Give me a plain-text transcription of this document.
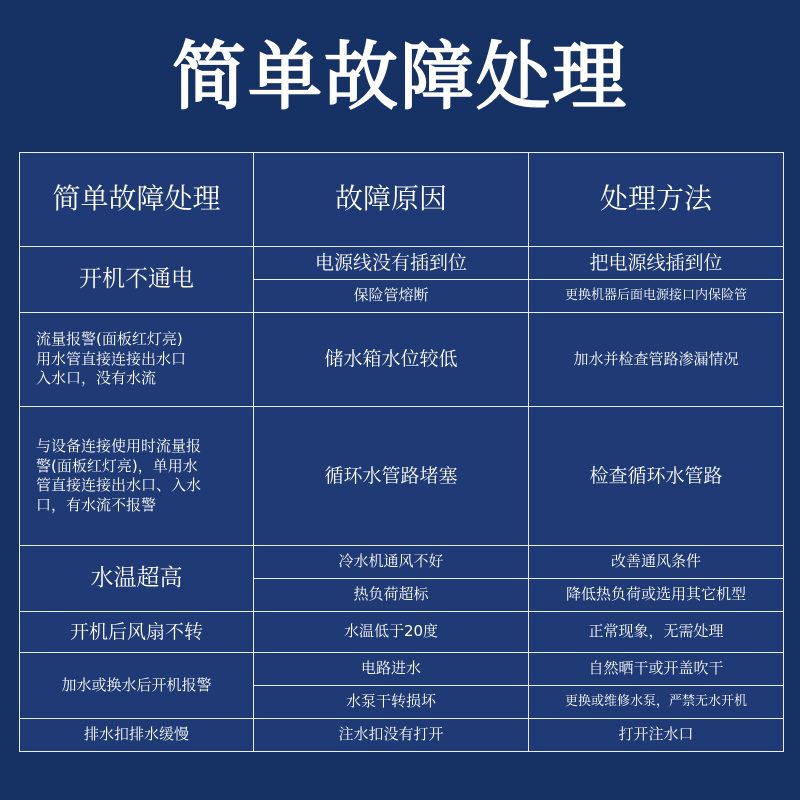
简单故障处理
简单故障处理	故障原因	处理方法
开机不通电	电源线没有插到位	把电源线插到位
	保险管熔断	更换机器后面电源接口内保险管

流量报警(面板红灯亮)
用水管直接连接出水口
入水口，没有水流	储水箱水位较低	加水并检查管路渗漏情况

与设备连接使用时流量报
警(面板红灯亮)，单用水
管直接连接出水口、入水
口，有水流不报警	循环水管路堵塞	检查循环水管路
水温超高	冷水机通风不好	改善通风条件
	热负荷超标	降低热负荷或选用其它机型
开机后风扇不转	水温低于20度	正常现象，无需处理
加水或换水后开机报警	电路进水	自然晒干或开盖吹干
	水泵干转损坏	更换或维修水泵，严禁无水开机
排水扣排水缓慢	注水扣没有打开	打开注水口
